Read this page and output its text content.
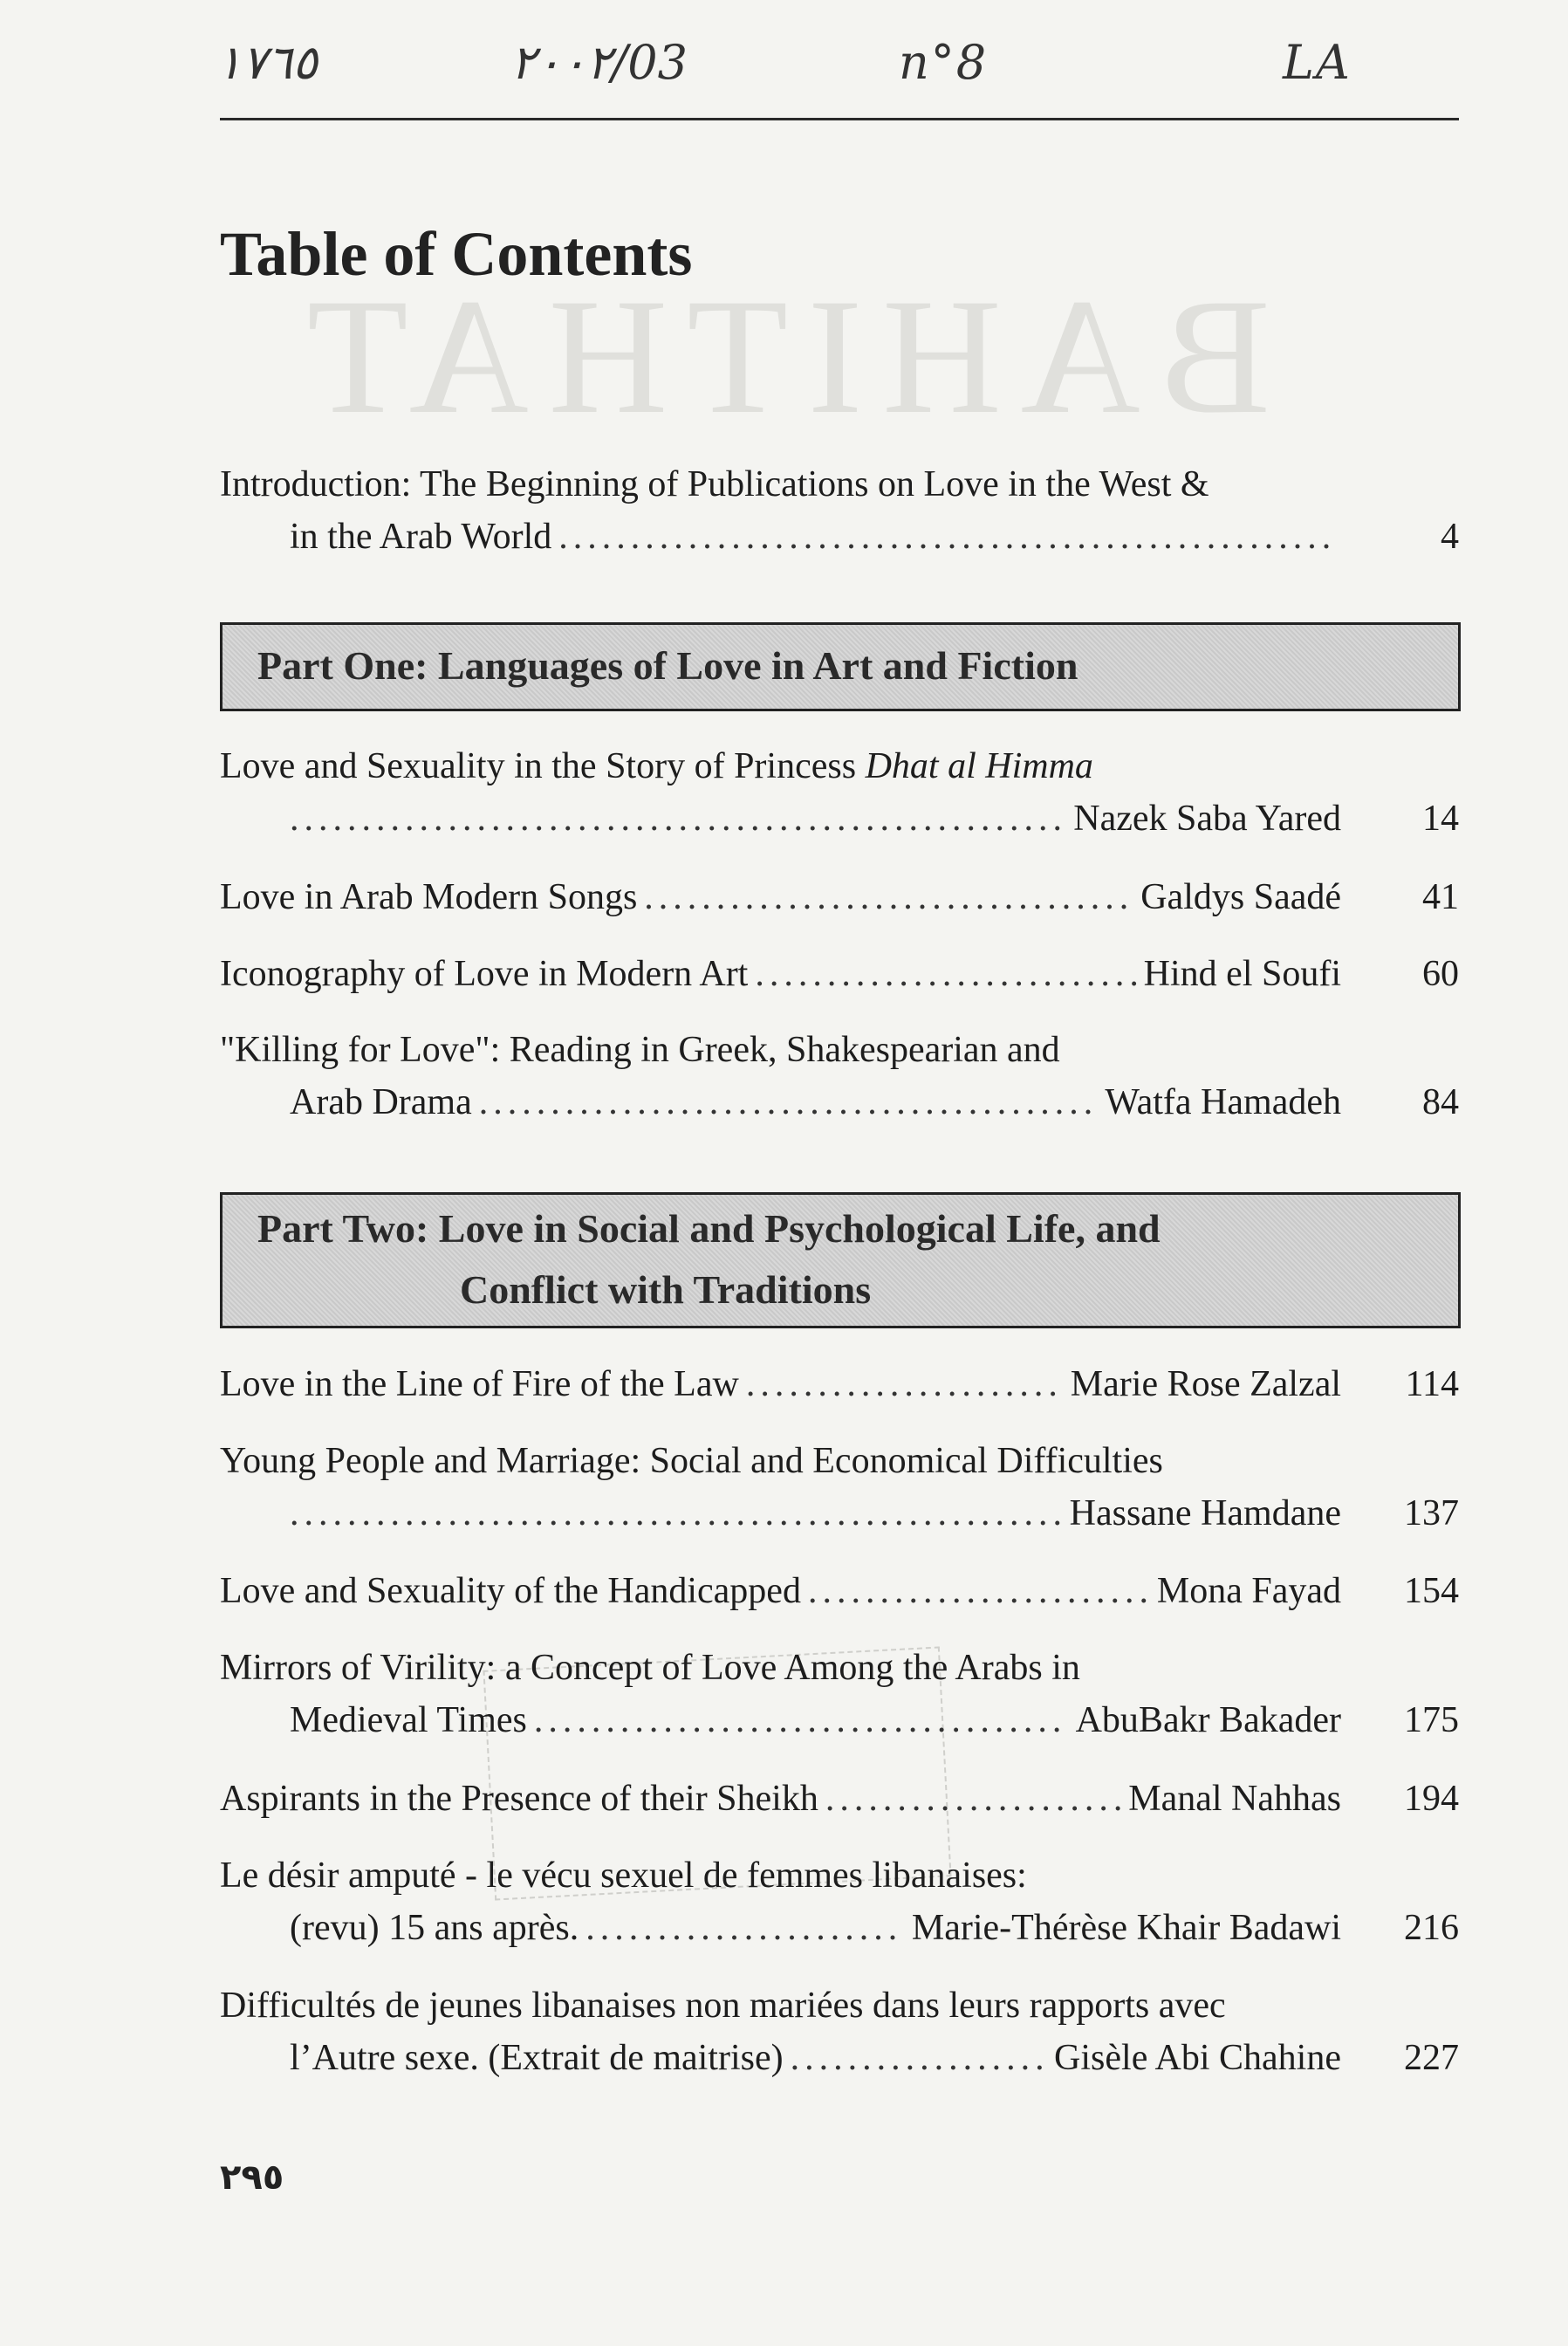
BAHITHAT
١٧٦٥	٢٠٠٢/03	n°8	LA
Table of Contents
Introduction: The Beginning of Publications on Love in the West &
in the Arab World .....	4
Part One: Languages of Love in Art and Fiction
Love and Sexuality in the Story of Princess Dhat al Himma
.....
Nazek Saba Yared 14
Love in Arab Modern Songs .....	Galdys Saadé 41
Iconography of Love in Modern Art .....	Hind el Soufi 60
"Killing for Love": Reading in Greek, Shakespearian and
Arab Drama .....	Watfa Hamadeh 84
Part Two: Love in Social and Psychological Life, and
Conflict with Traditions
Love in the Line of Fire of the Law .....	Marie Rose Zalzal 114
Young People and Marriage: Social and Economical Difficulties
.....
Hassane Hamdane 137
Love and Sexuality of the Handicapped .....	Mona Fayad 154
Mirrors of Virility: a Concept of Love Among the Arabs in
Medieval Times .....	AbuBakr Bakader 175
Aspirants in the Presence of their Sheikh .....	Manal Nahhas 194
Le désir amputé - le vécu sexuel de femmes libanaises:
(revu) 15 ans après. .....	Marie-Thérèse Khair Badawi 216
Difficultés de jeunes libanaises non mariées dans leurs rapports avec
l’Autre sexe. (Extrait de maitrise) .....	Gisèle Abi Chahine 227
٢٩٥
